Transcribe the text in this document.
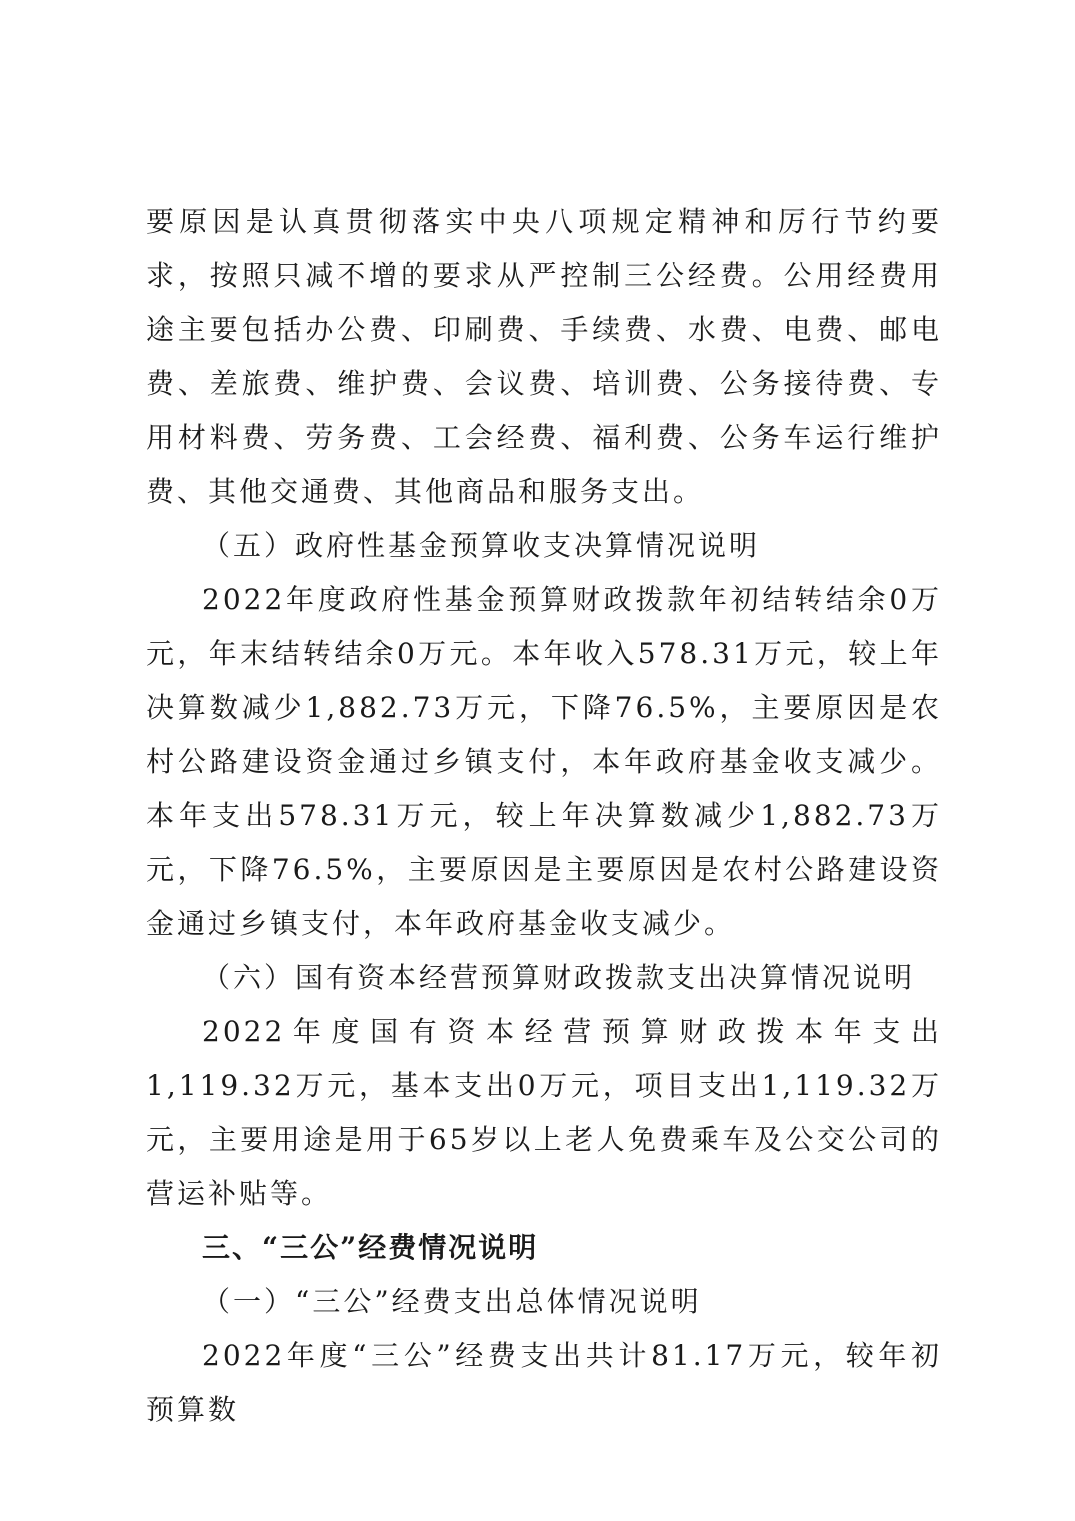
要原因是认真贯彻落实中央八项规定精神和厉行节约要求，按照只减不增的要求从严控制三公经费。公用经费用途主要包括办公费、印刷费、手续费、水费、电费、邮电费、差旅费、维护费、会议费、培训费、公务接待费、专用材料费、劳务费、工会经费、福利费、公务车运行维护费、其他交通费、其他商品和服务支出。

（五）政府性基金预算收支决算情况说明

2022年度政府性基金预算财政拨款年初结转结余0万元，年末结转结余0万元。本年收入578.31万元，较上年决算数减少1,882.73万元，下降76.5%，主要原因是农村公路建设资金通过乡镇支付，本年政府基金收支减少。本年支出578.31万元，较上年决算数减少1,882.73万元，下降76.5%，主要原因是主要原因是农村公路建设资金通过乡镇支付，本年政府基金收支减少。

（六）国有资本经营预算财政拨款支出决算情况说明

2022年度国有资本经营预算财政拨本年支出1,119.32万元，基本支出0万元，项目支出1,119.32万元，主要用途是用于65岁以上老人免费乘车及公交公司的营运补贴等。

三、“三公”经费情况说明

（一）“三公”经费支出总体情况说明

2022年度“三公”经费支出共计81.17万元，较年初预算数
